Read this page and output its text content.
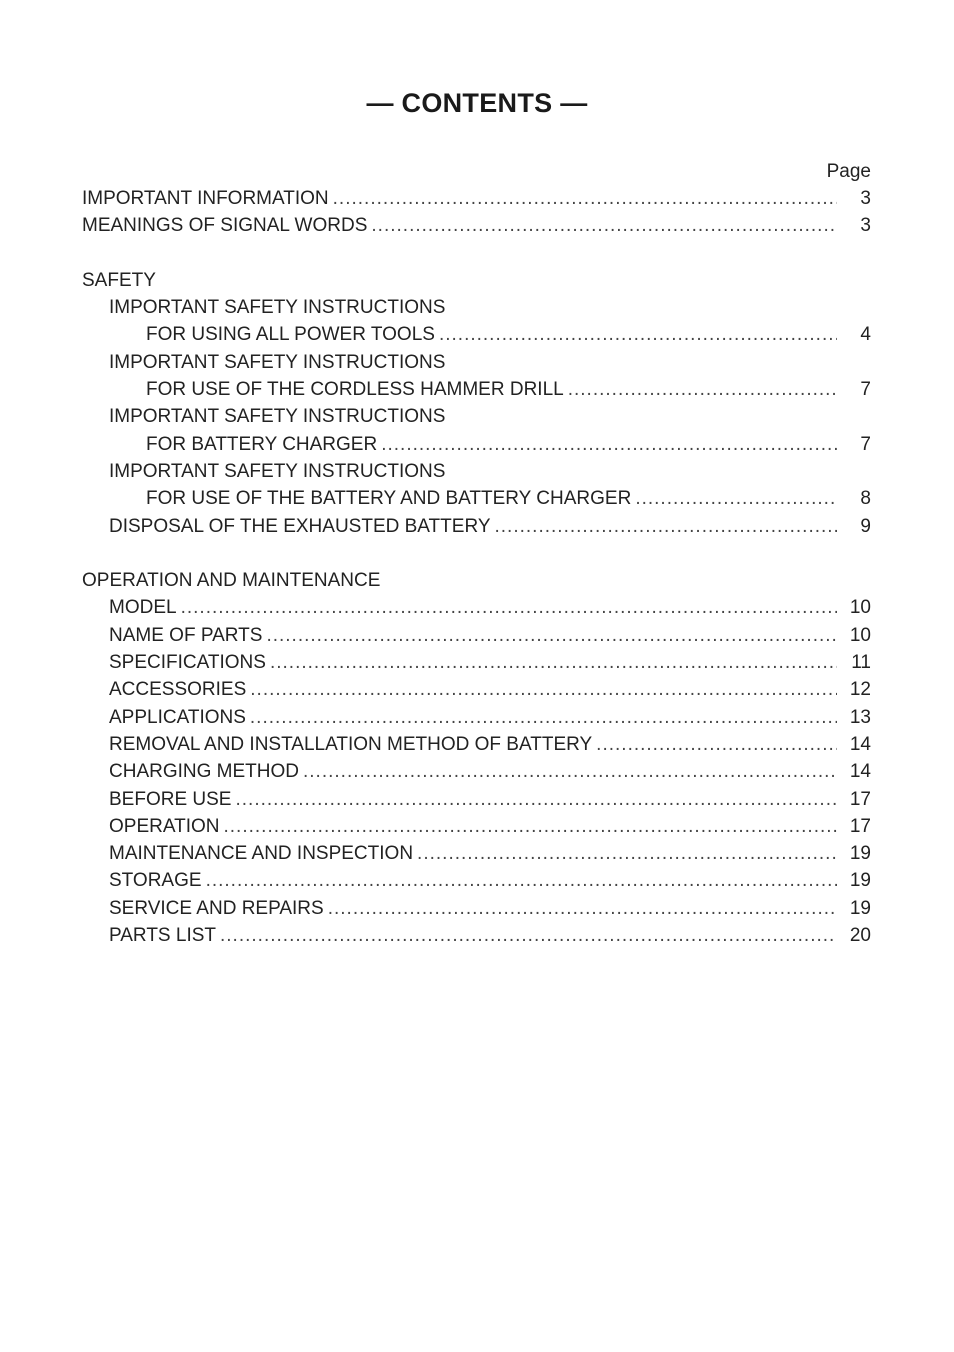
— CONTENTS —
Page
IMPORTANT INFORMATION .....	3
MEANINGS OF SIGNAL WORDS .....	3
SAFETY
IMPORTANT SAFETY INSTRUCTIONS
FOR USING ALL POWER TOOLS .....	4
IMPORTANT SAFETY INSTRUCTIONS
FOR USE OF THE CORDLESS HAMMER DRILL .....	7
IMPORTANT SAFETY INSTRUCTIONS
FOR BATTERY CHARGER .....	7
IMPORTANT SAFETY INSTRUCTIONS
FOR USE OF THE BATTERY AND BATTERY CHARGER .....	8
DISPOSAL OF THE EXHAUSTED BATTERY .....	9
OPERATION AND MAINTENANCE
MODEL .....	10
NAME OF PARTS .....	10
SPECIFICATIONS .....	11
ACCESSORIES .....	12
APPLICATIONS .....	13
REMOVAL AND INSTALLATION METHOD OF BATTERY .....	14
CHARGING METHOD .....	14
BEFORE USE .....	17
OPERATION .....	17
MAINTENANCE AND INSPECTION .....	19
STORAGE .....	19
SERVICE AND REPAIRS .....	19
PARTS LIST .....	20
